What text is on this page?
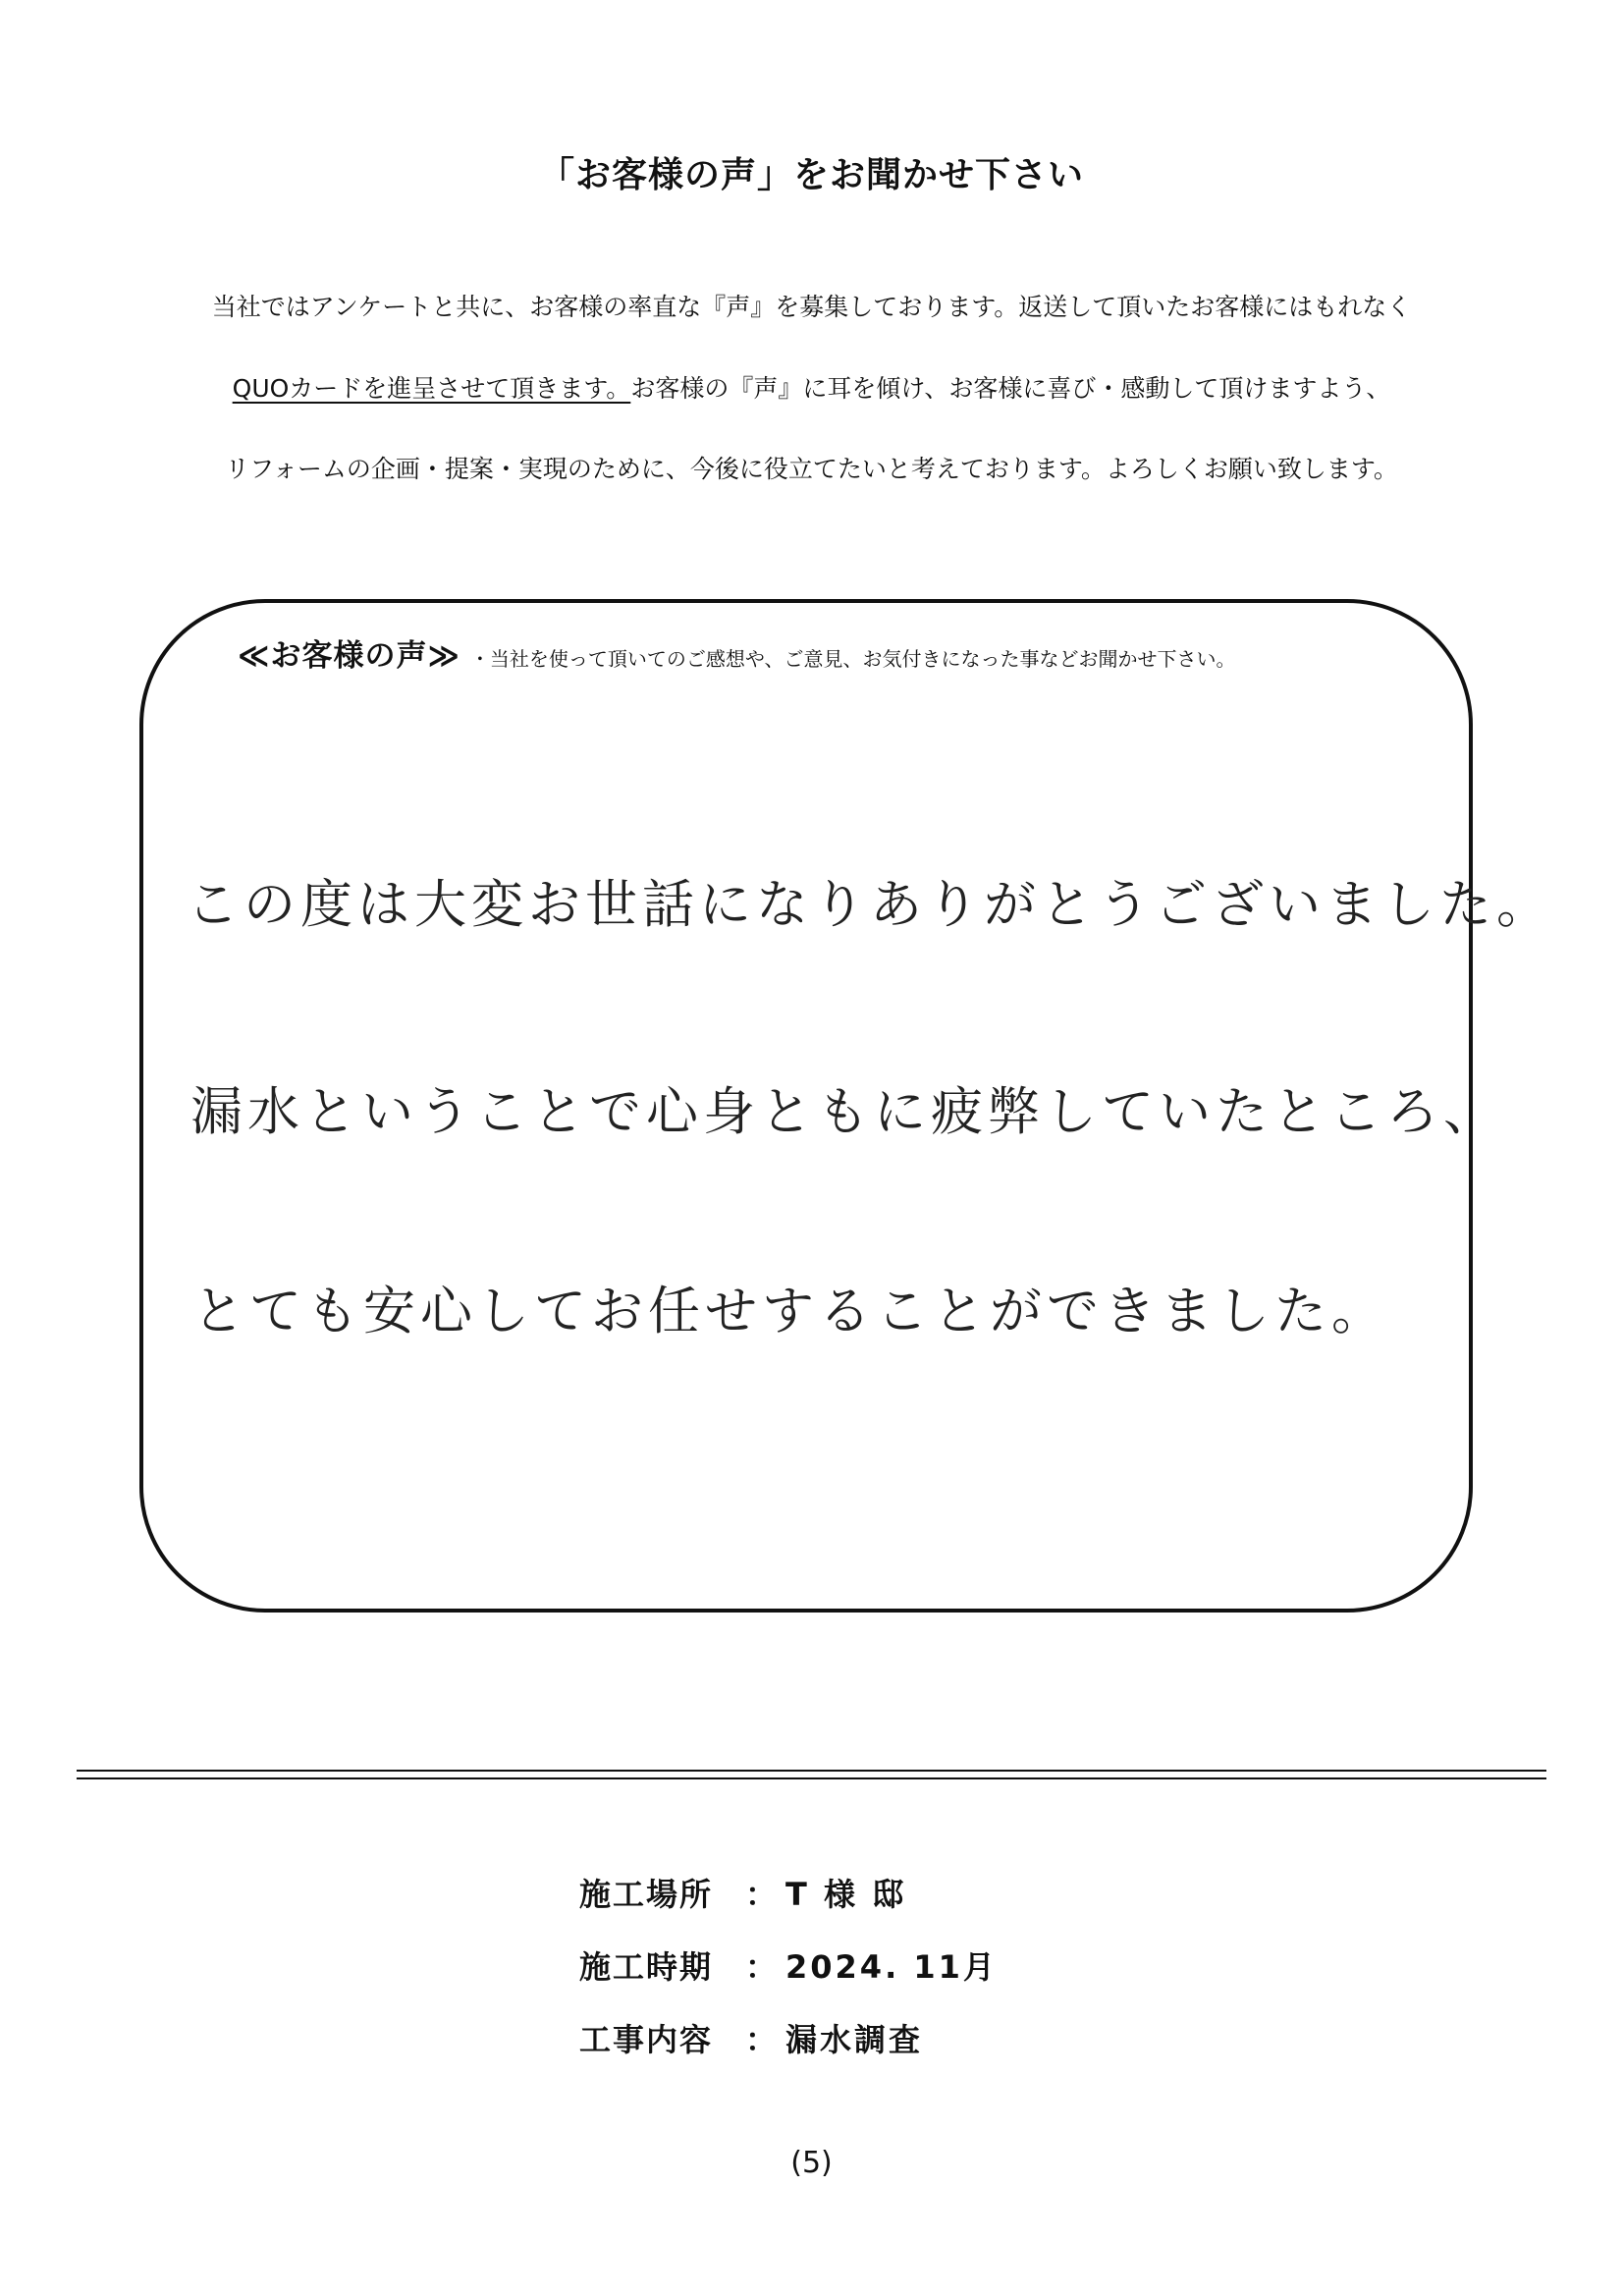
「お客様の声」をお聞かせ下さい
当社ではアンケートと共に、お客様の率直な『声』を募集しております。返送して頂いたお客様にはもれなく
QUOカードを進呈させて頂きます。お客様の『声』に耳を傾け、お客様に喜び・感動して頂けますよう、
リフォームの企画・提案・実現のために、今後に役立てたいと考えております。よろしくお願い致します。
≪お客様の声≫ ・当社を使って頂いてのご感想や、ご意見、お気付きになった事などお聞かせ下さい。
この度は大変お世話になりありがとうございました。
漏水ということで心身ともに疲弊していたところ、
とても安心してお任せすることができました。
施工場所	： T 様 邸
施工時期	： 2024. 11月
工事内容	： 漏水調査
(5)
